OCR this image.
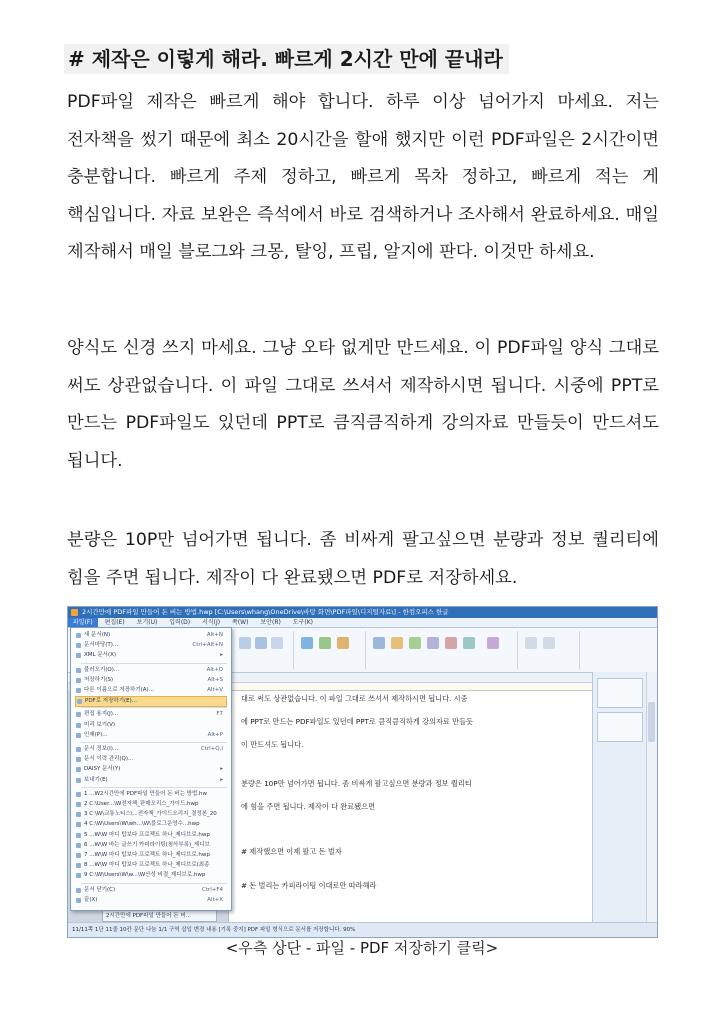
# 제작은 이렇게 해라. 빠르게 2시간 만에 끝내라
PDF파일 제작은 빠르게 해야 합니다. 하루 이상 넘어가지 마세요. 저는 전자책을 썼기 때문에 최소 20시간을 할애 했지만 이런 PDF파일은 2시간이면 충분합니다. 빠르게 주제 정하고, 빠르게 목차 정하고, 빠르게 적는 게 핵심입니다. 자료 보완은 즉석에서 바로 검색하거나 조사해서 완료하세요. 매일 제작해서 매일 블로그와 크몽, 탈잉, 프립, 알지에 판다. 이것만 하세요.
양식도 신경 쓰지 마세요. 그냥 오타 없게만 만드세요. 이 PDF파일 양식 그대로 써도 상관없습니다. 이 파일 그대로 쓰셔서 제작하시면 됩니다. 시중에 PPT로 만드는 PDF파일도 있던데 PPT로 큼직큼직하게 강의자료 만들듯이 만드셔도 됩니다.
분량은 10P만 넘어가면 됩니다. 좀 비싸게 팔고싶으면 분량과 정보 퀄리티에 힘을 주면 됩니다. 제작이 다 완료됐으면 PDF로 저장하세요.
2시간만에 PDF파일 만들어 돈 버는 방법.hwp [C:\Users\whang\OneDrive\바탕 화면\PDF파일\디지털자료\] - 한컴오피스 한글
파일(F) 편집(E) 보기(U) 입력(D) 서식(J) 쪽(W) 보안(R) 도구(K)
대로 써도 상관없습니다. 이 파일 그대로 쓰셔서 제작하시면 됩니다. 시중
에 PPT로 만드는 PDF파일도 있던데 PPT로 큼직큼직하게 강의자료 만들듯
이 만드셔도 됩니다.
분량은 10P만 넘어가면 됩니다. 좀 비싸게 팔고싶으면 분량과 정보 퀄리티
에 힘을 주면 됩니다. 제작이 다 완료됐으면
# 제작했으면 이제 팔고 돈 벌자
# 돈 벌리는 카피라이팅 이대로만 따라해라
2시간만에 PDF파일 만들어 돈 버...
11/11쪽 1단 11줄 10칸 문단 나눔 1/1 구역 삽입 변경 내용 [기록 중지] PDF 파일 형식으로 문서를 저장합니다. 90%
새 문서(N)	Alt+N
문서마당(T)...	Ctrl+Alt+N
XML 문서(X)	▸
불러오기(O)...	Alt+O
저장하기(S)	Alt+S
다른 이름으로 저장하기(A)...	Alt+V
PDF로 저장하기(E)...
편집 용지(J)...	F7
미리 보기(V)
인쇄(P)...	Alt+P
문서 정보(I)...	Ctrl+Q,I
문서 이력 관리(Q)...
DAISY 문서(Y)	▸
보내기(E)	▸
1 ...W2시간만에 PDF파일 만들어 돈 버는 방법.hw
2 C:\User...\W전자책_판매오리스_가이드.hwp
3 C:\W\교통노티스\...전자책_가이드오리지_결정본_20
4 C:\W\Users\W\wh...\W\블로그운영수...hwp
5 ...W\W 마디 탑보다 프로젝트 하나_제디브로.hwp
6 ...W\W 바는 글쓰기 카피라이팅(첨삭부록)_제디브
7 ...W\W 마디 탑보다 프로젝트 하나_제디브로.hwp
8 ...W\W 마디 탑보다 프로젝트 하나_제디브로(최종
9 C:\W\Users\W\w...\W산성 비결_제디브로.hwp
문서 닫기(C)	Ctrl+F4
끝(X)	Alt+X
<우측 상단 - 파일 - PDF 저장하기 클릭>
